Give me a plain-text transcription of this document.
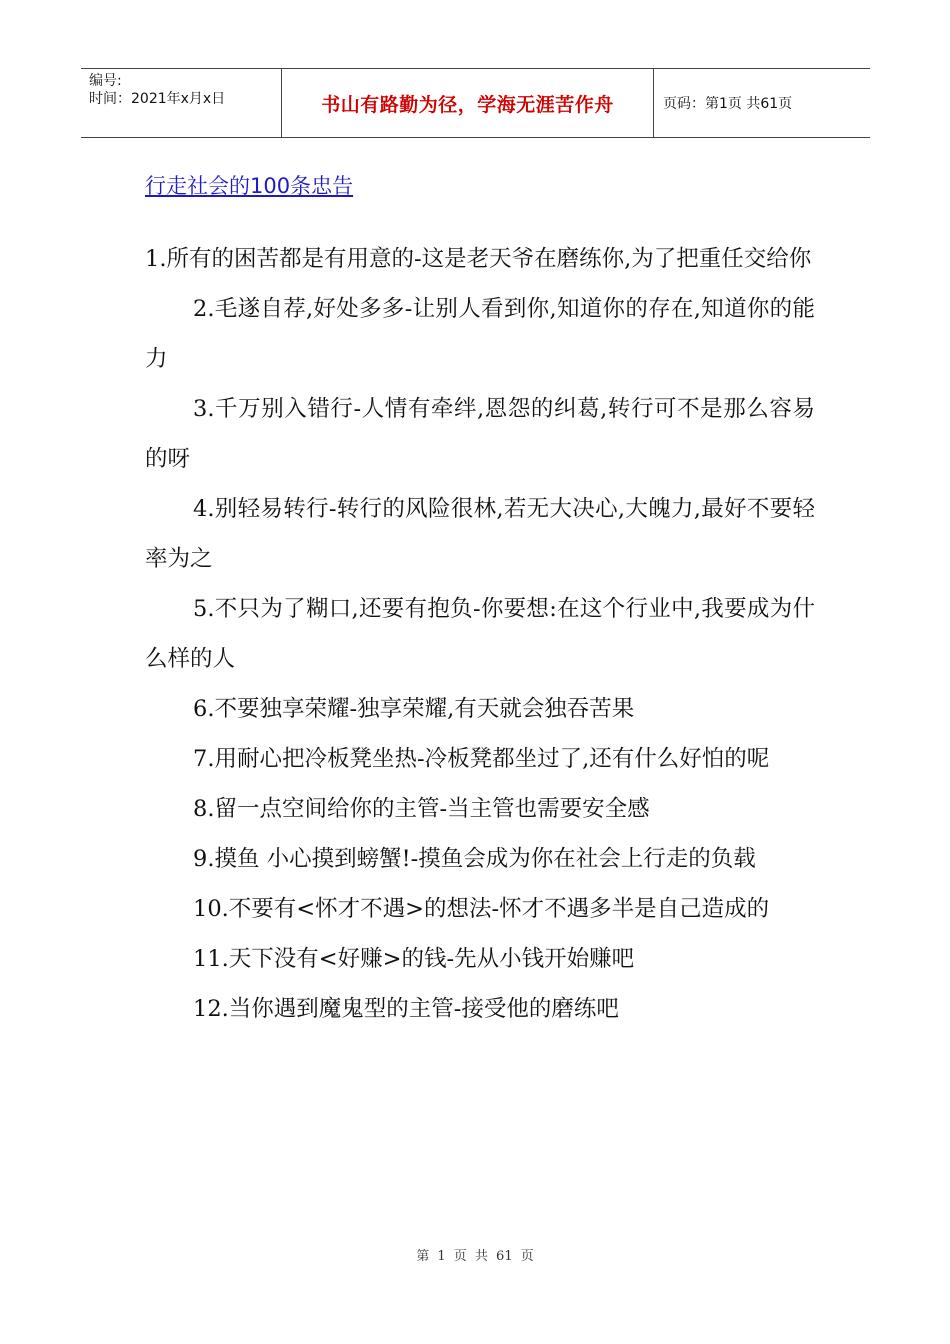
编号:
时间：2021年x月x日	书山有路勤为径，学海无涯苦作舟	页码：第1页 共61页
行走社会的100条忠告

1.所有的困苦都是有用意的-这是老天爷在磨练你,为了把重任交给你

2.毛遂自荐,好处多多-让别人看到你,知道你的存在,知道你的能力

3.千万别入错行-人情有牵绊,恩怨的纠葛,转行可不是那么容易的呀

4.别轻易转行-转行的风险很林,若无大决心,大魄力,最好不要轻率为之

5.不只为了糊口,还要有抱负-你要想:在这个行业中,我要成为什么样的人

6.不要独享荣耀-独享荣耀,有天就会独吞苦果

7.用耐心把冷板凳坐热-冷板凳都坐过了,还有什么好怕的呢

8.留一点空间给你的主管-当主管也需要安全感

9.摸鱼 小心摸到螃蟹!-摸鱼会成为你在社会上行走的负载

10.不要有<怀才不遇>的想法-怀才不遇多半是自己造成的

11.天下没有<好赚>的钱-先从小钱开始赚吧

12.当你遇到魔鬼型的主管-接受他的磨练吧

第 1 页 共 61 页
